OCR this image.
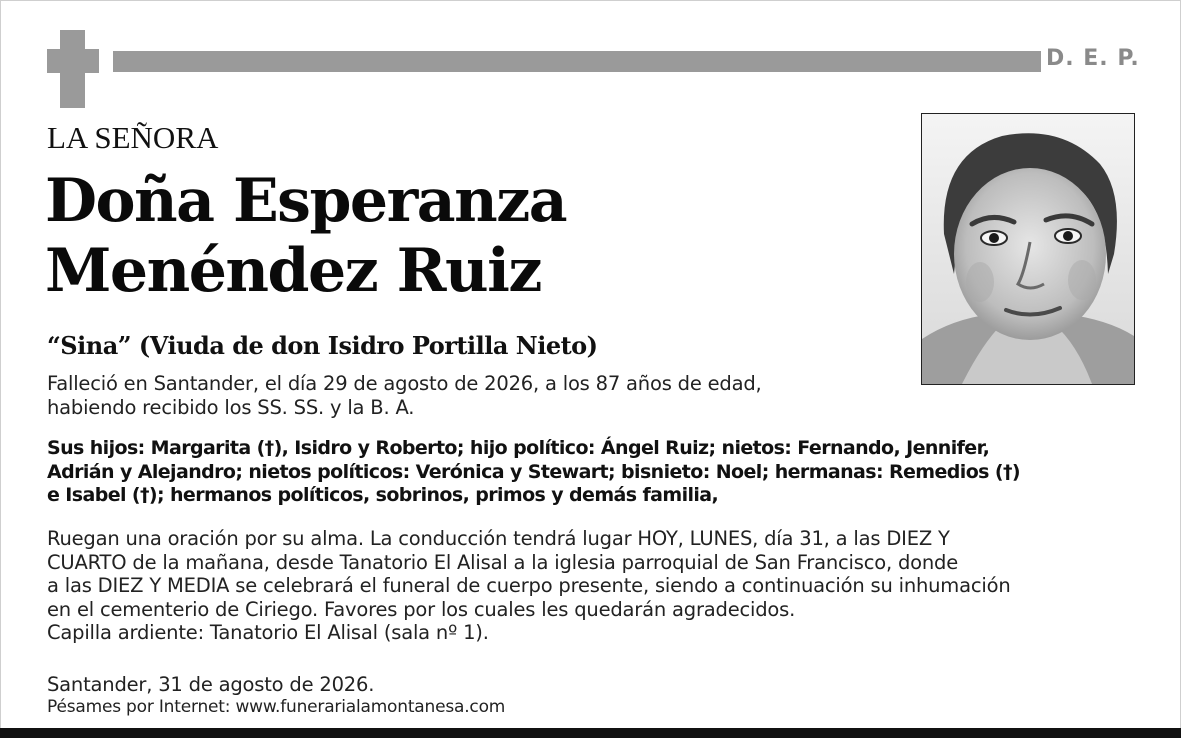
D. E. P.
LA SEÑORA
Doña Esperanza
Menéndez Ruiz
“Sina” (Viuda de don Isidro Portilla Nieto)
Falleció en Santander, el día 29 de agosto de 2026, a los 87 años de edad,
habiendo recibido los SS. SS. y la B. A.
Sus hijos: Margarita (†), Isidro y Roberto; hijo político: Ángel Ruiz; nietos: Fernando, Jennifer,
Adrián y Alejandro; nietos políticos: Verónica y Stewart; bisnieto: Noel; hermanas: Remedios (†)
e Isabel (†); hermanos políticos, sobrinos, primos y demás familia,
Ruegan una oración por su alma. La conducción tendrá lugar HOY, LUNES, día 31, a las DIEZ Y
CUARTO de la mañana, desde Tanatorio El Alisal a la iglesia parroquial de San Francisco, donde
a las DIEZ Y MEDIA se celebrará el funeral de cuerpo presente, siendo a continuación su inhumación
en el cementerio de Ciriego. Favores por los cuales les quedarán agradecidos.
Capilla ardiente: Tanatorio El Alisal (sala nº 1).
Santander, 31 de agosto de 2026.
Pésames por Internet: www.funerarialamontanesa.com
